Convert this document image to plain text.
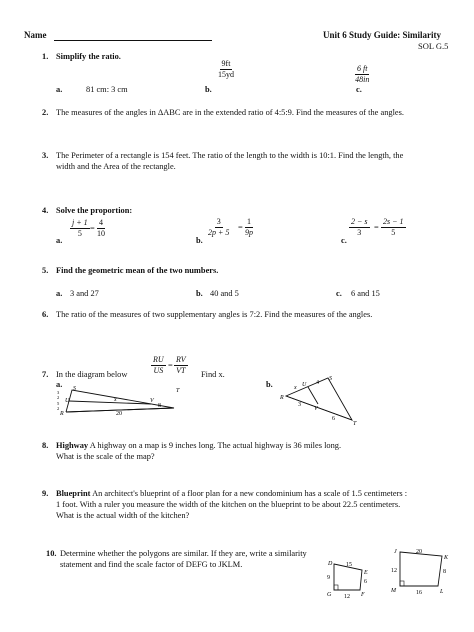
Name	Unit 6 Study Guide: Similarity
SOL G.5
1. Simplify the ratio.
a.	81 cm: 3 cm	b.
$\frac{9ft}{15yd}$
c.
$\frac{6 ft}{48in}$
2. The measures of the angles in ΔABC are in the extended ratio of 4:5:9. Find the measures of the angles.
3. The Perimeter of a rectangle is 154 feet. The ratio of the length to the width is 10:1. Find the length, the
width and the Area of the rectangle.
4. Solve the proportion:
a.
$\frac{j + 1}{5} = \frac{4}{10}$
b.
$\frac{3}{2p + 5} = \frac{1}{9p}$
c.
$\frac{2 - s}{3} = \frac{2s - 1}{5}$
5. Find the geometric mean of the two numbers.
a. 3 and 27	b. 40 and 5	c. 6 and 15
6. The ratio of the measures of two supplementary angles is 7:2. Find the measures of the angles.
7. In the diagram below	$\frac{RU}{US} = \frac{RV}{VT}$ Find x.
a.	b.
S
U
R
V
T
x
20
8
3
2
5
2
S
U
R
V
T
x
4
3
6
8. Highway A highway on a map is 9 inches long. The actual highway is 36 miles long.
What is the scale of the map?
9. Blueprint An architect's blueprint of a floor plan for a new condominium has a scale of 1.5 centimeters :
1 foot. With a ruler you measure the width of the kitchen on the blueprint to be about 22.5 centimeters.
What is the actual width of the kitchen?
10. Determine whether the polygons are similar. If they are, write a similarity
statement and find the scale factor of DEFG to JKLM.	D
E
F
G
15
6
9
12
J
K
L
M
20
8
12
16
